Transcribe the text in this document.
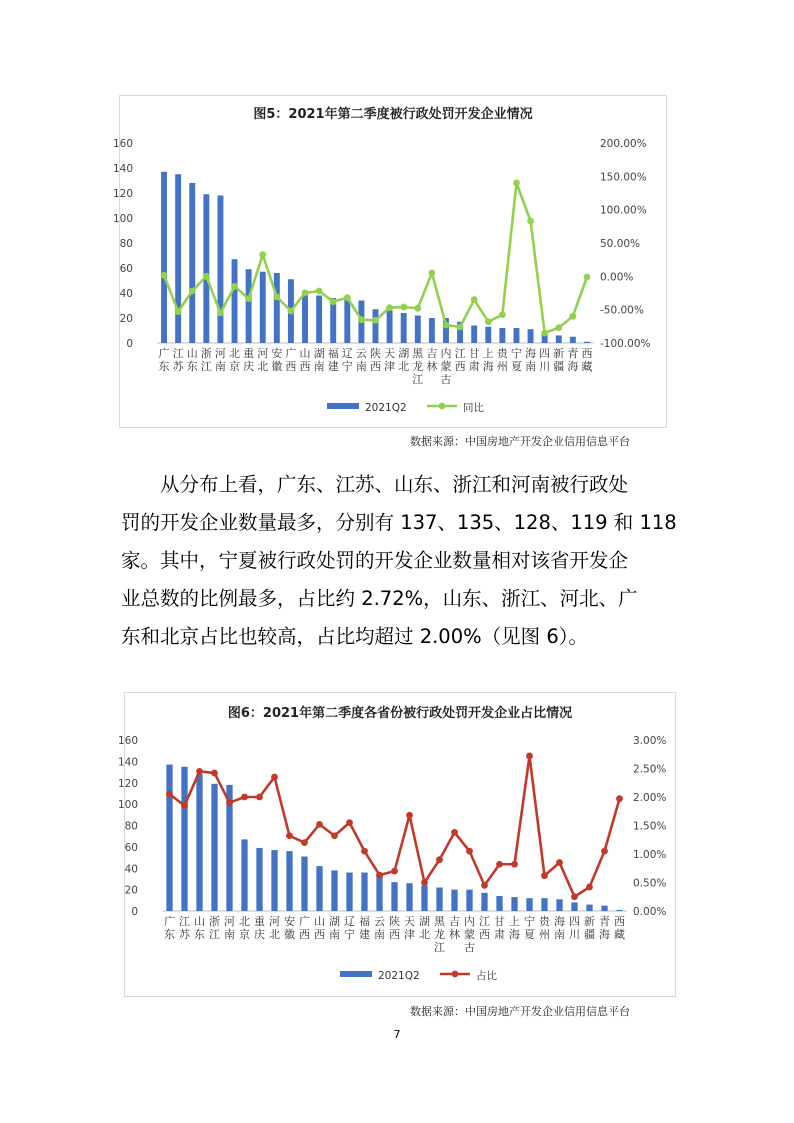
图5：2021年第二季度被行政处罚开发企业情况
0
20
40
60
80
100
120
140
160
-100.00%
-50.00%
0.00%
50.00%
100.00%
150.00%
200.00%
广东
江苏
山东
浙江
河南
北京
重庆
河北
安徽
广西
山西
湖南
福建
辽宁
云南
陕西
天津
湖北
黑龙江
吉林
内蒙古
江西
甘肃
上海
贵州
宁夏
海南
四川
新疆
青海
西藏
2021Q2	同比
数据来源：中国房地产开发企业信用信息平台
　　从分布上看，广东、江苏、山东、浙江和河南被行政处
罚的开发企业数量最多，分别有 137、135、128、119 和 118
家。其中，宁夏被行政处罚的开发企业数量相对该省开发企
业总数的比例最多，占比约 2.72%，山东、浙江、河北、广
东和北京占比也较高，占比均超过 2.00%（见图 6）。
图6：2021年第二季度各省份被行政处罚开发企业占比情况
0
20
40
60
80
100
120
140
160
0.00%
0.50%
1.00%
1.50%
2.00%
2.50%
3.00%
广东
江苏
山东
浙江
河南
北京
重庆
河北
安徽
广西
山西
湖南
辽宁
福建
云南
陕西
天津
湖北
黑龙江
吉林
内蒙古
江西
甘肃
上海
宁夏
贵州
海南
四川
新疆
青海
西藏
2021Q2	占比
数据来源：中国房地产开发企业信用信息平台
7
